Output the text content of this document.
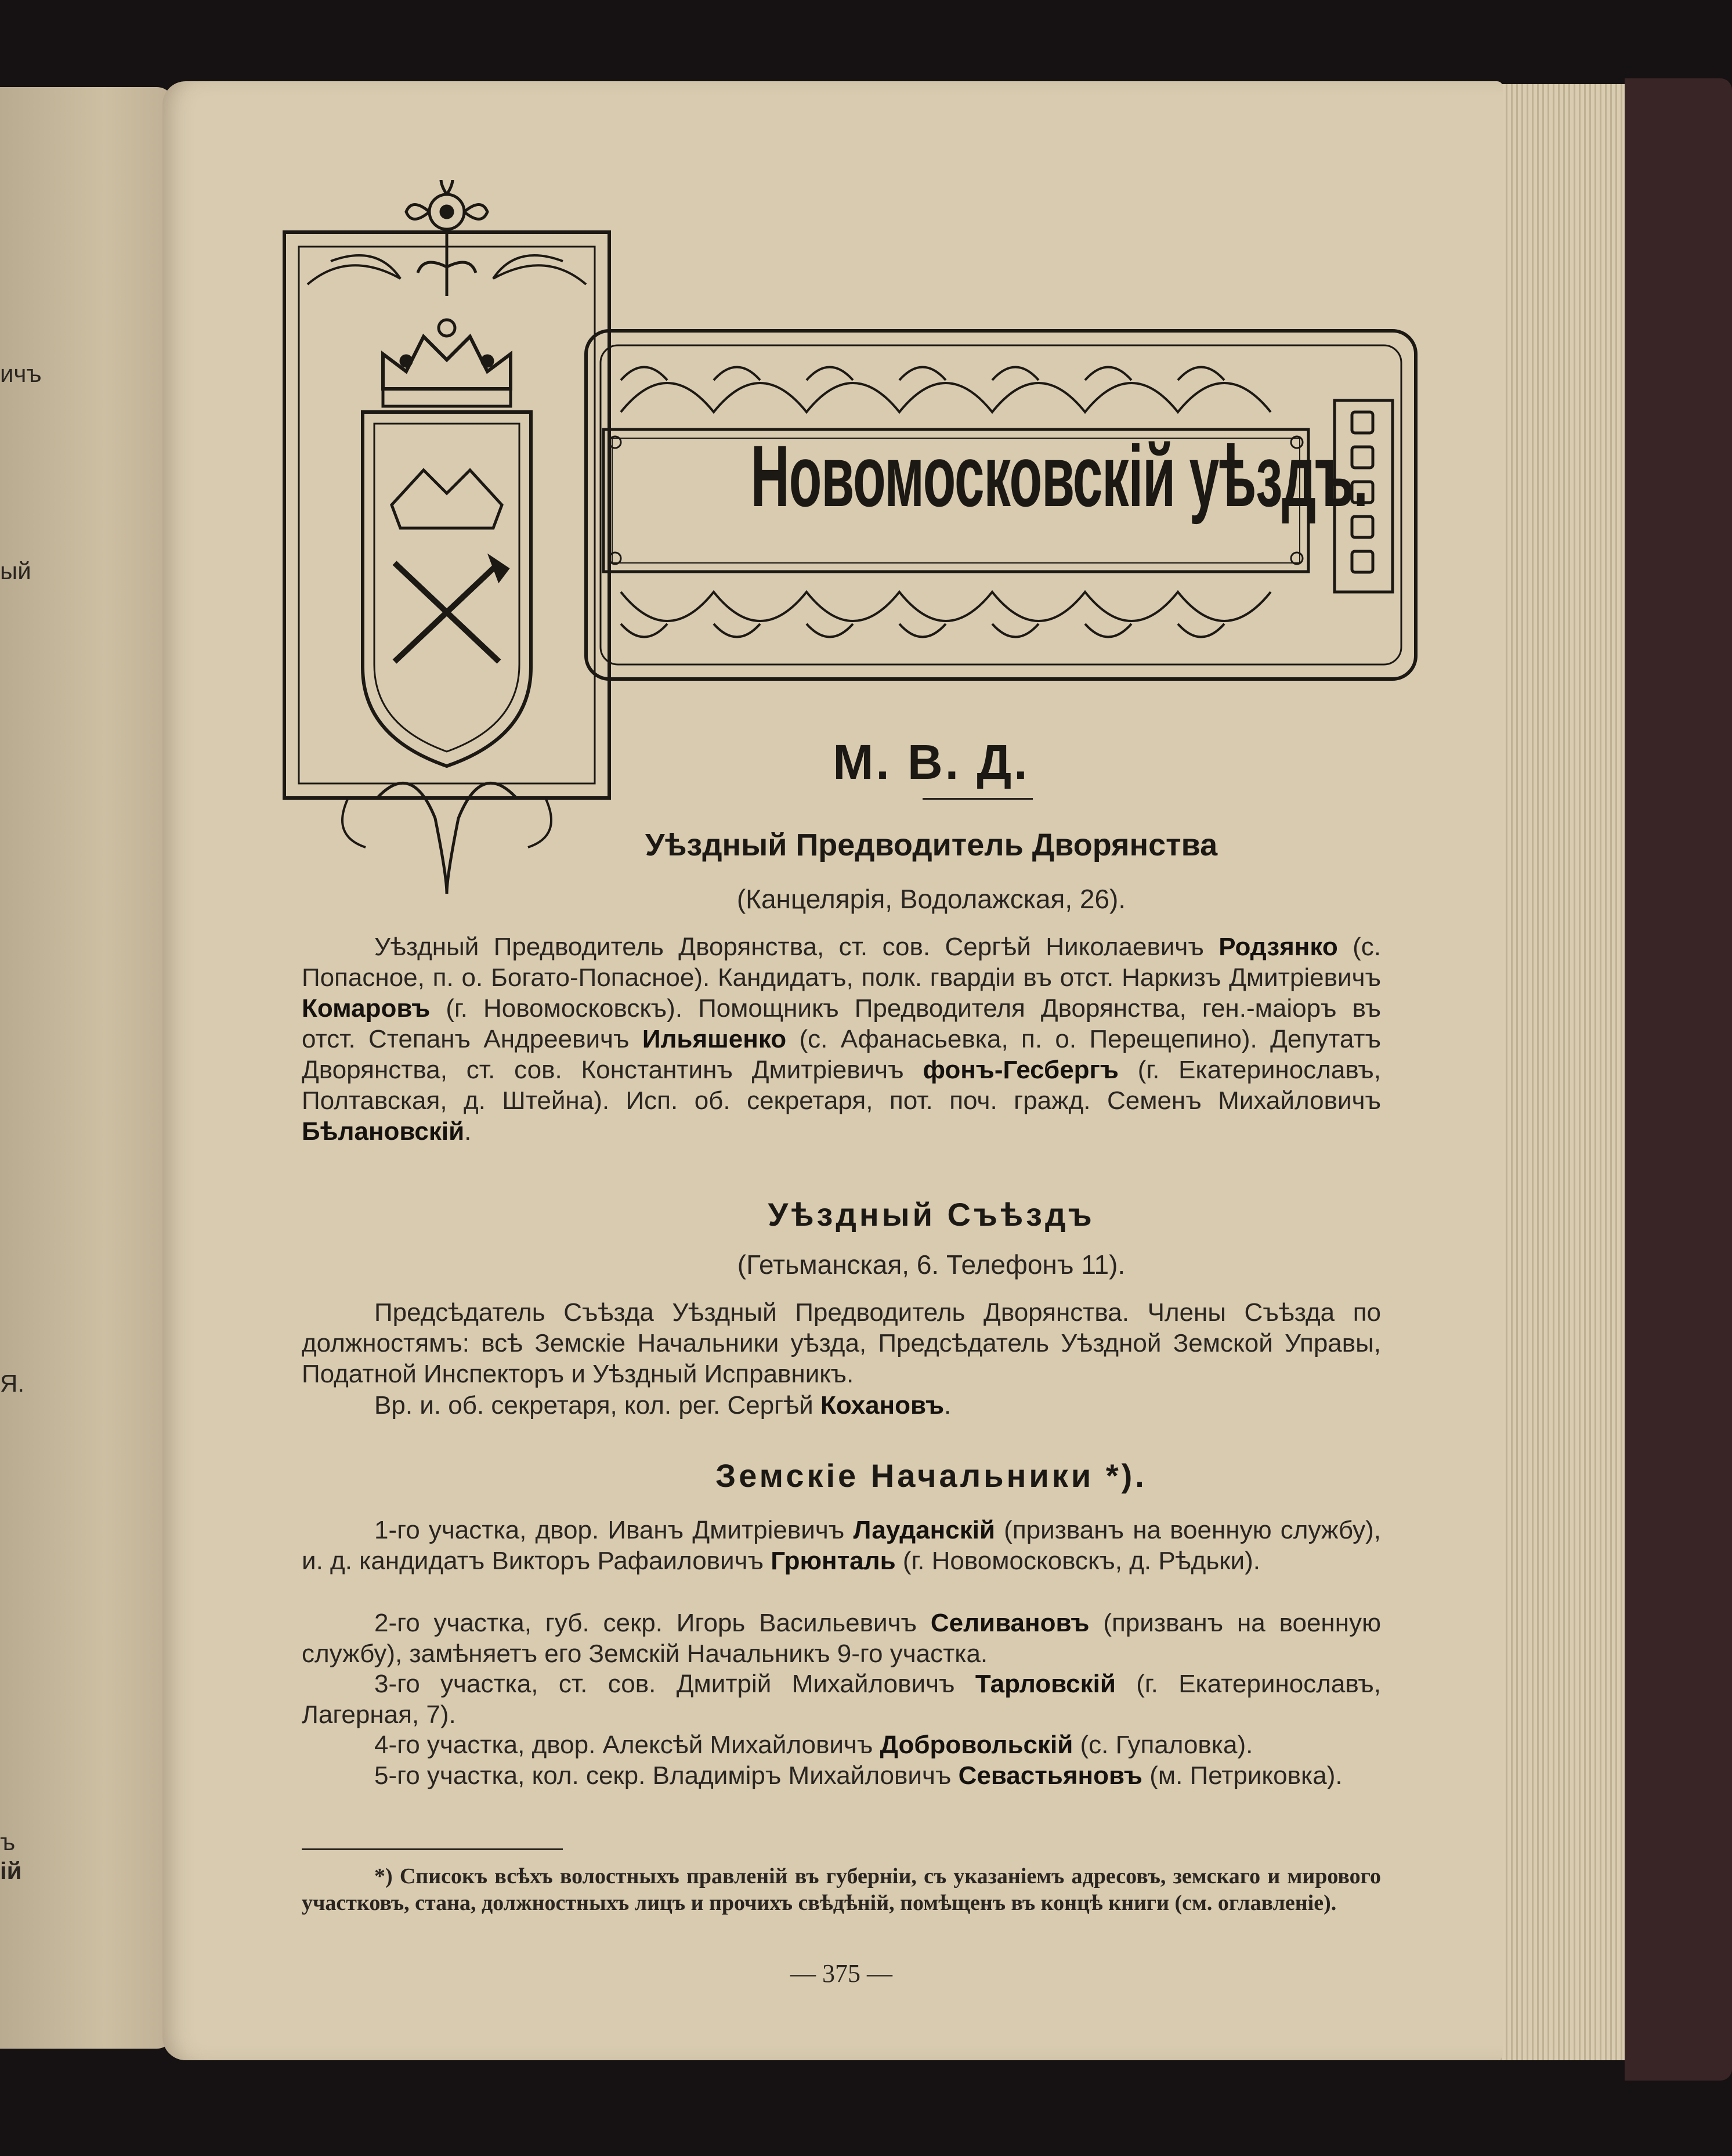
ичъ
ый
Я.
ъ
ій
Новомосковскій уѣздъ.
М. В. Д.
Уѣздный Предводитель Дворянства
(Канцелярія, Водолажская, 26).
Уѣздный Предводитель Дворянства, ст. сов. Сергѣй Николаевичъ Родзянко (с. Попасное, п. о. Богато-Попасное). Кандидатъ, полк. гвардіи въ отст. Наркизъ Дмитріевичъ Комаровъ (г. Новомосковскъ). Помощникъ Предводителя Дворянства, ген.-маіоръ въ отст. Степанъ Андреевичъ Ильяшенко (с. Афанасьевка, п. о. Перещепино). Депутатъ Дворянства, ст. сов. Константинъ Дмитріевичъ фонъ-Гесбергъ (г. Екатеринославъ, Полтавская, д. Штейна). Исп. об. секретаря, пот. поч. гражд. Семенъ Михайловичъ Бѣлановскій.
Уѣздный Съѣздъ
(Гетьманская, 6. Телефонъ 11).
Предсѣдатель Съѣзда Уѣздный Предводитель Дворянства. Члены Съѣзда по должностямъ: всѣ Земскіе Начальники уѣзда, Предсѣдатель Уѣздной Земской Управы, Податной Инспекторъ и Уѣздный Исправникъ.
Вр. и. об. секретаря, кол. рег. Сергѣй Кохановъ.
Земскіе Начальники *).
1-го участка, двор. Иванъ Дмитріевичъ Лауданскій (призванъ на военную службу), и. д. кандидатъ Викторъ Рафаиловичъ Грюнталь (г. Новомосковскъ, д. Рѣдьки).
2-го участка, губ. секр. Игорь Васильевичъ Селивановъ (призванъ на военную службу), замѣняетъ его Земскій Начальникъ 9-го участка.
3-го участка, ст. сов. Дмитрій Михайловичъ Тарловскій (г. Екатеринославъ, Лагерная, 7).
4-го участка, двор. Алексѣй Михайловичъ Добровольскій (с. Гупаловка).
5-го участка, кол. секр. Владиміръ Михайловичъ Севастьяновъ (м. Петриковка).
*) Списокъ всѣхъ волостныхъ правленій въ губерніи, съ указаніемъ адресовъ, земскаго и мирового участковъ, стана, должностныхъ лицъ и прочихъ свѣдѣній, помѣщенъ въ концѣ книги (см. оглавленіе).
— 375 —
